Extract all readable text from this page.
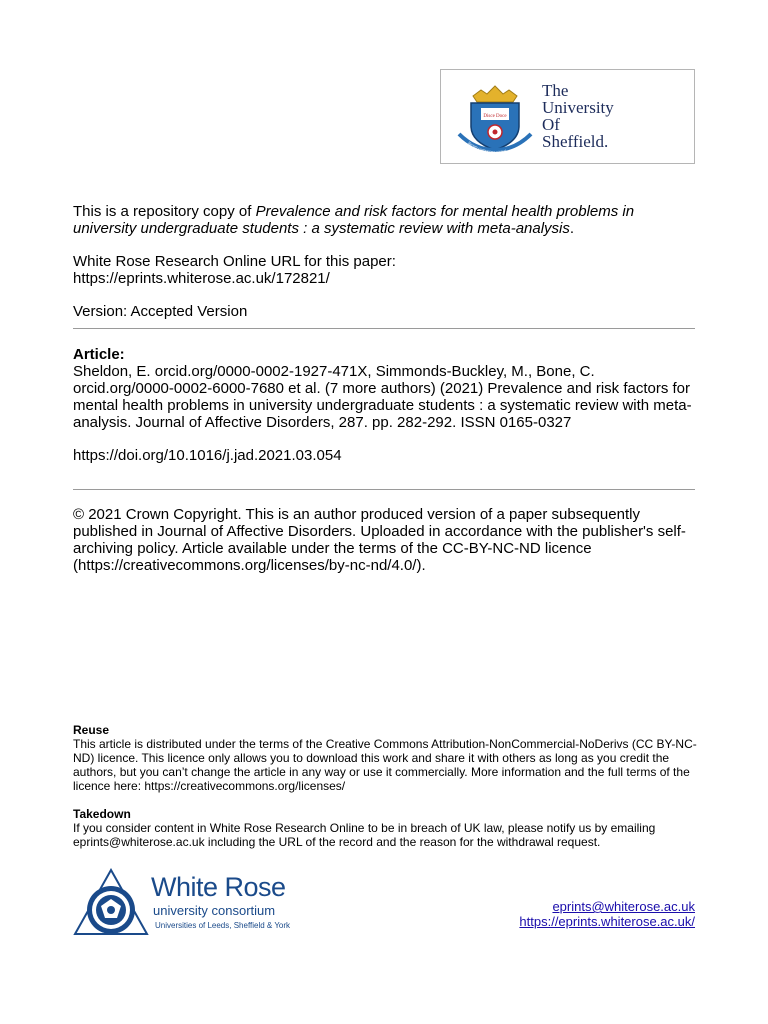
Disce Doce
Rerum cognoscere causas
The
University
Of
Sheffield.
This is a repository copy of Prevalence and risk factors for mental health problems in university undergraduate students : a systematic review with meta-analysis.
White Rose Research Online URL for this paper:
https://eprints.whiterose.ac.uk/172821/
Version: Accepted Version
Article:
Sheldon, E. orcid.org/0000-0002-1927-471X, Simmonds-Buckley, M., Bone, C. orcid.org/0000-0002-6000-7680 et al. (7 more authors) (2021) Prevalence and risk factors for mental health problems in university undergraduate students : a systematic review with meta-analysis. Journal of Affective Disorders, 287. pp. 282-292. ISSN 0165-0327
https://doi.org/10.1016/j.jad.2021.03.054
© 2021 Crown Copyright. This is an author produced version of a paper subsequently published in Journal of Affective Disorders. Uploaded in accordance with the publisher's self-archiving policy. Article available under the terms of the CC-BY-NC-ND licence (https://creativecommons.org/licenses/by-nc-nd/4.0/).
Reuse
This article is distributed under the terms of the Creative Commons Attribution-NonCommercial-NoDerivs (CC BY-NC-ND) licence. This licence only allows you to download this work and share it with others as long as you credit the authors, but you can’t change the article in any way or use it commercially. More information and the full terms of the licence here: https://creativecommons.org/licenses/
Takedown
If you consider content in White Rose Research Online to be in breach of UK law, please notify us by emailing eprints@whiterose.ac.uk including the URL of the record and the reason for the withdrawal request.
White Rose
university consortium
Universities of Leeds, Sheffield & York
eprints@whiterose.ac.uk
https://eprints.whiterose.ac.uk/
